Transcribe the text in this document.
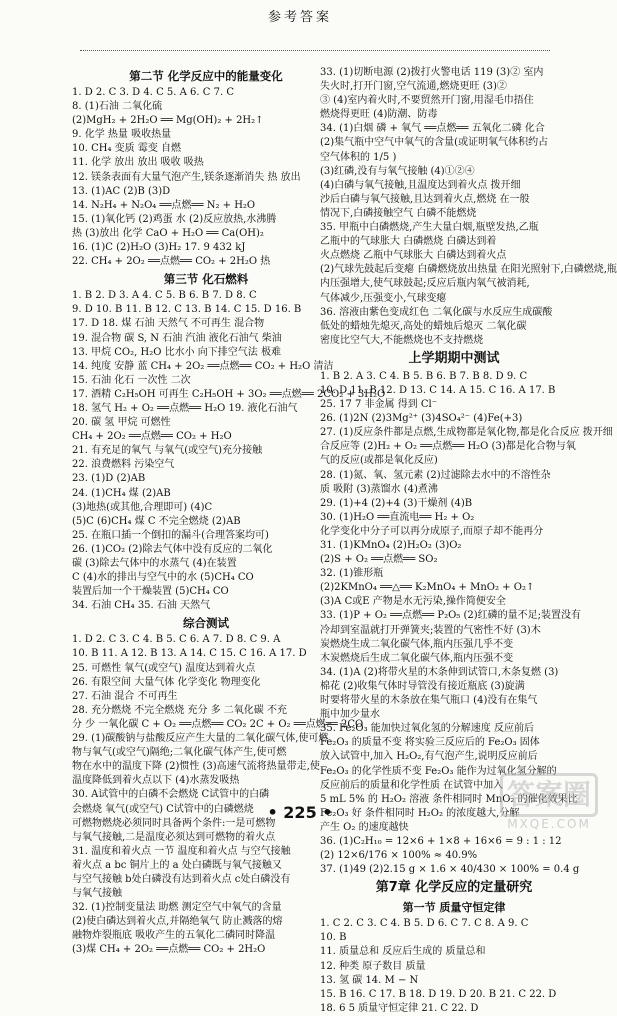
参考答案
第二节 化学反应中的能量变化
1. D 2. C 3. D 4. C 5. A 6. C 7. C
8. (1)石油 二氧化硫
(2)MgH₂ + 2H₂O ══ Mg(OH)₂ + 2H₂↑
9. 化学 热量 吸收热量
10. CH₄ 变质 霉变 自燃
11. 化学 放出 放出 吸收 吸热
12. 镁条表面有大量气泡产生,镁条逐渐消失 热 放出
13. (1)AC (2)B (3)D
14. N₂H₄ + N₂O₄ ══点燃══ N₂ + H₂O
15. (1)氧化钙 (2)鸡蛋 水 (2)反应放热,水沸腾
热 (3)放出 化学 CaO + H₂O ══ Ca(OH)₂
16. (1)C (2)H₂O (3)H₂ 17. 9 432 kJ
22. CH₄ + 2O₂ ══点燃══ CO₂ + 2H₂O 热
第三节 化石燃料
1. B 2. D 3. A 4. C 5. B 6. B 7. D 8. C
9. D 10. B 11. B 12. C 13. B 14. C 15. D 16. B
17. D 18. 煤 石油 天然气 不可再生 混合物
19. 混合物 碳 S, N 石油 汽油 液化石油气 柴油
13. 甲烷 CO₂, H₂O 比水小 向下排空气法 极难
14. 纯度 安静 蓝 CH₄ + 2O₂ ══点燃══ CO₂ + H₂O 清洁
15. 石油 化石 一次性 二次
17. 酒精 C₂H₅OH 可再生 C₂H₅OH + 3O₂ ══点燃══ 2CO₂ + 3H₂O
18. 氢气 H₂ + O₂ ══点燃══ H₂O 19. 液化石油气
20. 碳 氢 甲烷 可燃性
CH₄ + 2O₂ ══点燃══ CO₂ + H₂O
21. 有充足的氧气 与氧气(或空气)充分接触
22. 浪费燃料 污染空气
23. (1)D (2)AB
24. (1)CH₄ 煤 (2)AB
(3)地热(或其他,合理即可) (4)C
(5)C (6)CH₄ 煤 C 不完全燃烧 (2)AB
25. 在瓶口插一个倒扣的漏斗(合理答案均可)
26. (1)CO₂ (2)除去气体中没有反应的二氧化
碳 (3)除去气体中的水蒸气 (4)在装置
C (4)水的排出与空气中的水 (5)CH₄ CO
装置后加一个干燥装置 (5)CH₄ CO
34. 石油 CH₄ 35. 石油 天然气
综合测试
1. D 2. C 3. C 4. B 5. C 6. A 7. D 8. C 9. A
10. B 11. A 12. B 13. A 14. C 15. C 16. A 17. D
25. 可燃性 氧气(或空气) 温度达到着火点
26. 有限空间 大量气体 化学变化 物理变化
27. 石油 混合 不可再生
28. 充分燃烧 不完全燃烧 充分 多 二氧化碳 不充
分 少 一氧化碳 C + O₂ ══点燃══ CO₂ 2C + O₂ ══点燃══ 2CO
29. (1)碳酸钠与盐酸反应产生大量的二氧化碳气体,使可燃
物与氧气(或空气)隔绝;二氧化碳气体产生,使可燃
物在水中的温度下降 (2)惯性 (3)高速气流将热量带走,使
温度降低到着火点以下 (4)水蒸发吸热
30. A试管中的白磷不会燃烧 C试管中的白磷
会燃烧 氧气(或空气) C试管中的白磷燃烧
可燃物燃烧必须同时具备两个条件:一是可燃物
与氧气接触,二是温度必须达到可燃物的着火点
31. 温度和着火点 一节 温度和着火点 与空气接触
着火点 a bc 铜片上的 a 处白磷既与氧气接触又
与空气接触 b处白磷没有达到着火点 c处白磷没有
与氧气接触
32. (1)控制变量法 助燃 测定空气中氧气的含量
(2)使白磷达到着火点,并隔绝氧气 防止溅落的熔
融物炸裂瓶底 吸收产生的五氧化二磷同时降温
(3)煤 CH₄ + 2O₂ ══点燃══ CO₂ + 2H₂O
33. (1)切断电源 (2)拨打火警电话 119 (3)② 室内
失火时,打开门窗,空气流通,燃烧更旺 (3)②
③ (4)室内着火时,不要贸然开门窗,用湿毛巾捂住
燃烧得更旺 (4)防潮、防毒
34. (1)白烟 磷 + 氧气 ══点燃══ 五氧化二磷 化合
(2)集气瓶中空气中氧气的含量(或证明氧气体积约占
空气体积的 1/5 )
(3)红磷,没有与氧气接触 (4)①②④
(4)白磷与氧气接触,且温度达到着火点 拨开细
沙后白磷与氧气接触,且达到着火点,燃烧 在一般
情况下,白磷接触空气 白磷不能燃烧
35. 甲瓶中白磷燃烧,产生大量白烟,瓶壁发热,乙瓶
乙瓶中的气球胀大 白磷燃烧 白磷达到着
火点燃烧 乙瓶中气球胀大 白磷达到着火点
(2)气球先鼓起后变瘪 白磷燃烧放出热量 在阳光照射下,白磷燃烧,瓶
内压强增大,使气球鼓起;反应后瓶内氧气被消耗,
气体减少,压强变小,气球变瘪
36. 溶液由紫色变成红色 二氧化碳与水反应生成碳酸
低处的蜡烛先熄灭,高处的蜡烛后熄灭 二氧化碳
密度比空气大,不能燃烧也不支持燃烧
上学期期中测试
1. B 2. A 3. C 4. B 5. B 6. B 7. B 8. D 9. C
10. D 11. B 12. D 13. C 14. A 15. C 16. A 17. B
25. 17 7 非金属 得到 Cl⁻
26. (1)2N (2)3Mg²⁺ (3)4SO₄²⁻ (4)Fe(+3)
27. (1)反应条件都是点燃,生成物都是氧化物,都是化合反应 拨开细
合反应等 (2)H₂ + O₂ ══点燃══ H₂O (3)都是化合物与氧
气的反应(或都是氧化反应)
28. (1)氮、氧、氢元素 (2)过滤除去水中的不溶性杂
质 吸附 (3)蒸馏水 (4)煮沸
29. (1)+4 (2)+4 (3)干燥剂 (4)B
30. (1)H₂O ══直流电══ H₂ + O₂
化学变化中分子可以再分成原子,而原子却不能再分
31. (1)KMnO₄ (2)H₂O₂ (3)O₂
(2)S + O₂ ══点燃══ SO₂
32. (1)锥形瓶
(2)2KMnO₄ ══△══ K₂MnO₄ + MnO₂ + O₂↑
(3)A C或E 产物是水无污染,操作简便安全
33. (1)P + O₂ ══点燃══ P₂O₅ (2)红磷的量不足;装置没有
冷却到室温就打开弹簧夹;装置的气密性不好 (3)木
炭燃烧生成二氧化碳气体,瓶内压强几乎不变
木炭燃烧后生成二氧化碳气体,瓶内压强不变
34. (1)A (2)将带火星的木条伸到试管口,木条复燃 (3)
棉花 (2)收集气体时导管没有接近瓶底 (3)旋满
时要将带火星的木条放在集气瓶口 (4)没有在集气
瓶中加少量水
35. Fe₂O₃ 能加快过氧化氢的分解速度 反应前后
Fe₂O₃ 的质量不变 将实验三反应后的 Fe₂O₃ 固体
放入试管中,加入 H₂O₂,有气泡产生,说明反应前后
Fe₂O₃ 的化学性质不变 Fe₂O₃ 能作为过氧化氢分解的
反应前后的质量和化学性质 在试管中加入
5 mL 5% 的 H₂O₂ 溶液 条件相同时 MnO₂ 的催化效果比
Fe₂O₃ 好 条件相同时 H₂O₂ 的浓度越大,分解
产生 O₂ 的速度越快
36. (1)C₂H₁₀ = 12×6 + 1×8 + 16×6 = 9 : 1 : 12
(2) 12×6/176 × 100% ≈ 40.9%
37. (1)49 (2)2.15 g × 1.6 × 40/430 × 100% = 0.4 g
第7章 化学反应的定量研究
第一节 质量守恒定律
1. C 2. C 3. C 4. B 5. D 6. C 7. C 8. A 9. C
10. B
11. 质量总和 反应后生成的 质量总和
12. 种类 原子数目 质量
13. 氢 碳 14. M − N
15. B 16. C 17. B 18. D 19. D 20. B 21. C 22. D
18. 6 5 质量守恒定律 21. C 22. D
• 225 •
答案圈
MXQE.COM
